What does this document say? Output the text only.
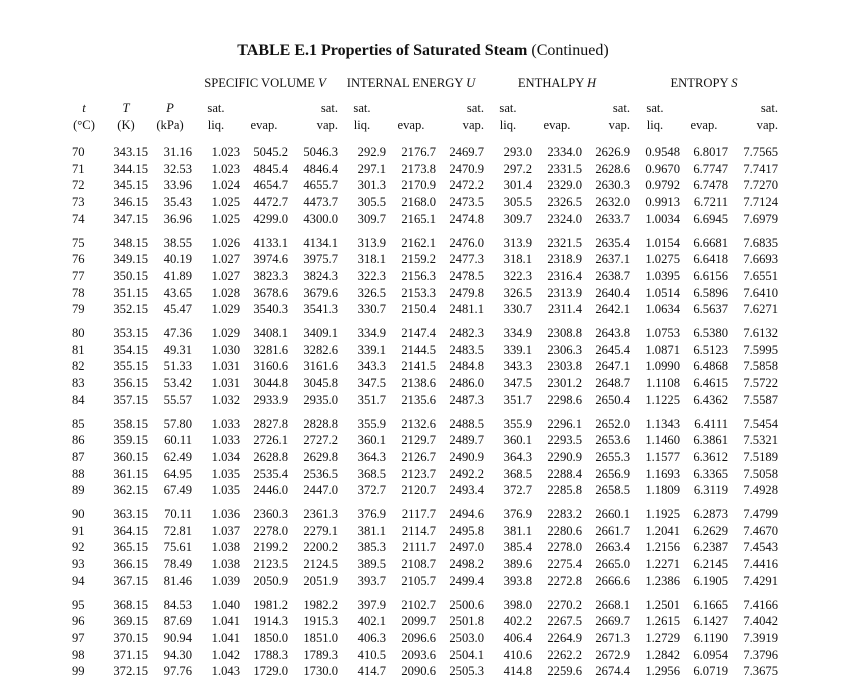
TABLE E.1 Properties of Saturated Steam (Continued)
			SPECIFIC VOLUME V			INTERNAL ENERGY U			ENTHALPY H			ENTROPY S		
t	T	P	sat.		sat.	sat.		sat.	sat.		sat.	sat.		sat.
(°C)	(K)	(kPa)	liq.	evap.	vap.	liq.	evap.	vap.	liq.	evap.	vap.	liq.	evap.	vap.

70	343.15	31.16	1.023	5045.2	5046.3	292.9	2176.7	2469.7	293.0	2334.0	2626.9	0.9548	6.8017	7.7565
71	344.15	32.53	1.023	4845.4	4846.4	297.1	2173.8	2470.9	297.2	2331.5	2628.6	0.9670	6.7747	7.7417
72	345.15	33.96	1.024	4654.7	4655.7	301.3	2170.9	2472.2	301.4	2329.0	2630.3	0.9792	6.7478	7.7270
73	346.15	35.43	1.025	4472.7	4473.7	305.5	2168.0	2473.5	305.5	2326.5	2632.0	0.9913	6.7211	7.7124
74	347.15	36.96	1.025	4299.0	4300.0	309.7	2165.1	2474.8	309.7	2324.0	2633.7	1.0034	6.6945	7.6979

75	348.15	38.55	1.026	4133.1	4134.1	313.9	2162.1	2476.0	313.9	2321.5	2635.4	1.0154	6.6681	7.6835
76	349.15	40.19	1.027	3974.6	3975.7	318.1	2159.2	2477.3	318.1	2318.9	2637.1	1.0275	6.6418	7.6693
77	350.15	41.89	1.027	3823.3	3824.3	322.3	2156.3	2478.5	322.3	2316.4	2638.7	1.0395	6.6156	7.6551
78	351.15	43.65	1.028	3678.6	3679.6	326.5	2153.3	2479.8	326.5	2313.9	2640.4	1.0514	6.5896	7.6410
79	352.15	45.47	1.029	3540.3	3541.3	330.7	2150.4	2481.1	330.7	2311.4	2642.1	1.0634	6.5637	7.6271

80	353.15	47.36	1.029	3408.1	3409.1	334.9	2147.4	2482.3	334.9	2308.8	2643.8	1.0753	6.5380	7.6132
81	354.15	49.31	1.030	3281.6	3282.6	339.1	2144.5	2483.5	339.1	2306.3	2645.4	1.0871	6.5123	7.5995
82	355.15	51.33	1.031	3160.6	3161.6	343.3	2141.5	2484.8	343.3	2303.8	2647.1	1.0990	6.4868	7.5858
83	356.15	53.42	1.031	3044.8	3045.8	347.5	2138.6	2486.0	347.5	2301.2	2648.7	1.1108	6.4615	7.5722
84	357.15	55.57	1.032	2933.9	2935.0	351.7	2135.6	2487.3	351.7	2298.6	2650.4	1.1225	6.4362	7.5587

85	358.15	57.80	1.033	2827.8	2828.8	355.9	2132.6	2488.5	355.9	2296.1	2652.0	1.1343	6.4111	7.5454
86	359.15	60.11	1.033	2726.1	2727.2	360.1	2129.7	2489.7	360.1	2293.5	2653.6	1.1460	6.3861	7.5321
87	360.15	62.49	1.034	2628.8	2629.8	364.3	2126.7	2490.9	364.3	2290.9	2655.3	1.1577	6.3612	7.5189
88	361.15	64.95	1.035	2535.4	2536.5	368.5	2123.7	2492.2	368.5	2288.4	2656.9	1.1693	6.3365	7.5058
89	362.15	67.49	1.035	2446.0	2447.0	372.7	2120.7	2493.4	372.7	2285.8	2658.5	1.1809	6.3119	7.4928

90	363.15	70.11	1.036	2360.3	2361.3	376.9	2117.7	2494.6	376.9	2283.2	2660.1	1.1925	6.2873	7.4799
91	364.15	72.81	1.037	2278.0	2279.1	381.1	2114.7	2495.8	381.1	2280.6	2661.7	1.2041	6.2629	7.4670
92	365.15	75.61	1.038	2199.2	2200.2	385.3	2111.7	2497.0	385.4	2278.0	2663.4	1.2156	6.2387	7.4543
93	366.15	78.49	1.038	2123.5	2124.5	389.5	2108.7	2498.2	389.6	2275.4	2665.0	1.2271	6.2145	7.4416
94	367.15	81.46	1.039	2050.9	2051.9	393.7	2105.7	2499.4	393.8	2272.8	2666.6	1.2386	6.1905	7.4291

95	368.15	84.53	1.040	1981.2	1982.2	397.9	2102.7	2500.6	398.0	2270.2	2668.1	1.2501	6.1665	7.4166
96	369.15	87.69	1.041	1914.3	1915.3	402.1	2099.7	2501.8	402.2	2267.5	2669.7	1.2615	6.1427	7.4042
97	370.15	90.94	1.041	1850.0	1851.0	406.3	2096.6	2503.0	406.4	2264.9	2671.3	1.2729	6.1190	7.3919
98	371.15	94.30	1.042	1788.3	1789.3	410.5	2093.6	2504.1	410.6	2262.2	2672.9	1.2842	6.0954	7.3796
99	372.15	97.76	1.043	1729.0	1730.0	414.7	2090.6	2505.3	414.8	2259.6	2674.4	1.2956	6.0719	7.3675
